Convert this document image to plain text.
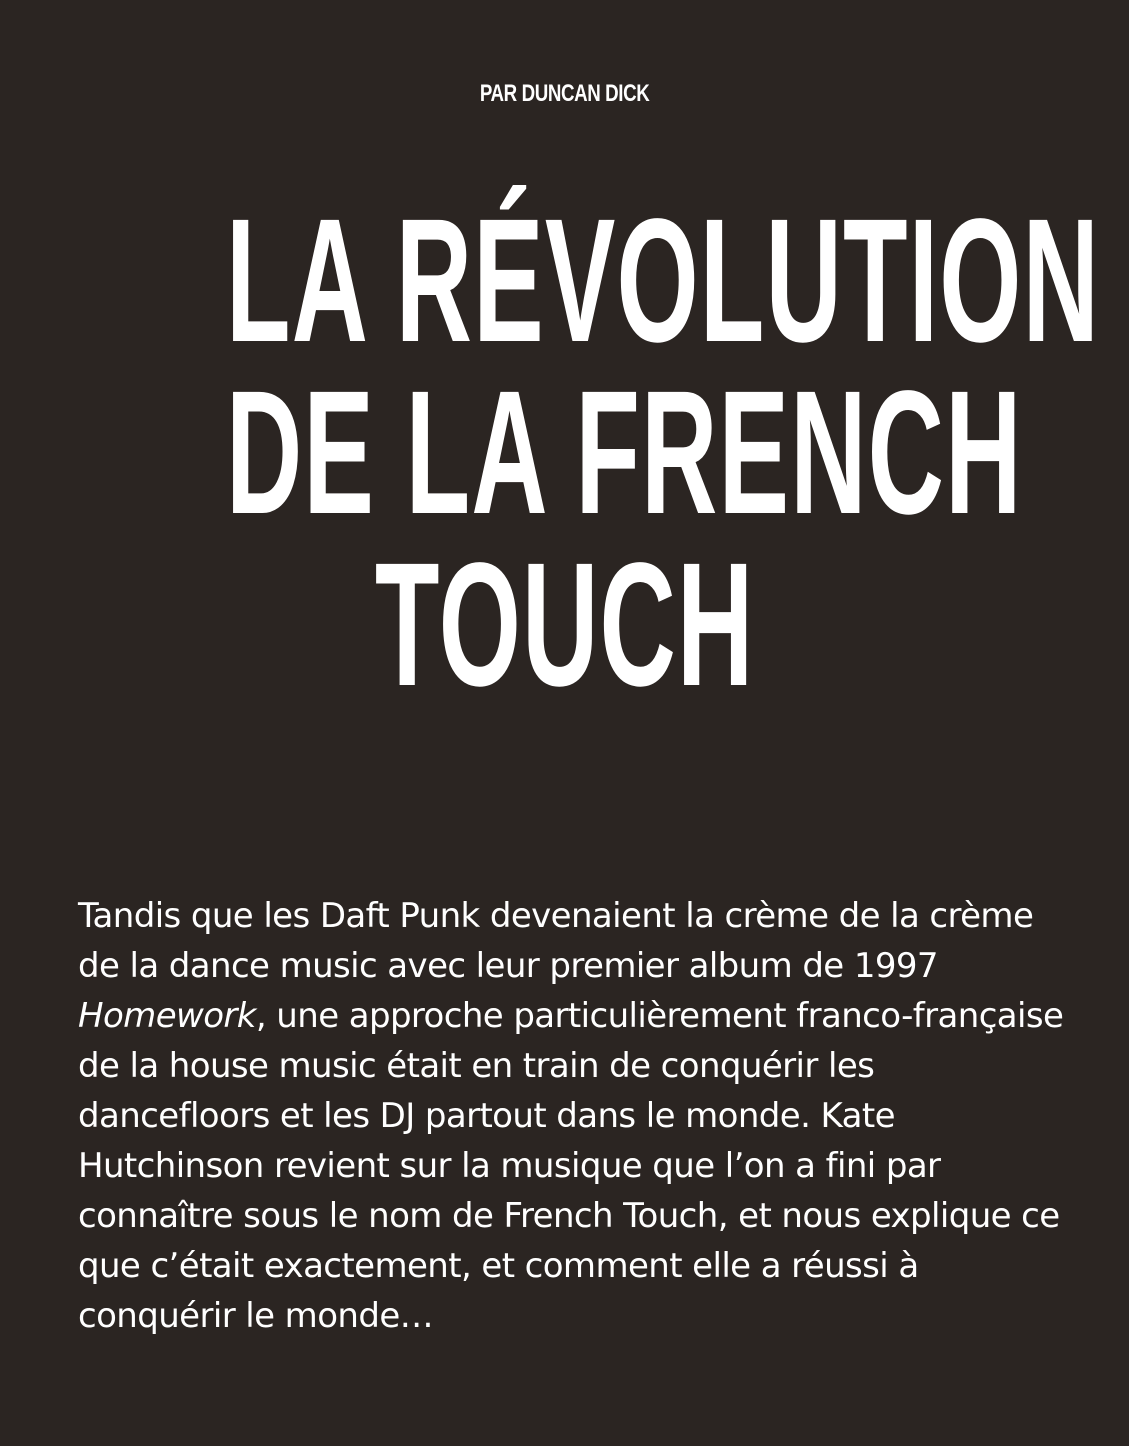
PAR DUNCAN DICK
LA RÉVOLUTION
DE LA FRENCH
TOUCH

Tandis que les Daft Punk devenaient la crème de la crème de la dance music avec leur premier album de 1997 Homework, une approche particulièrement franco-française de la house music était en train de conquérir les dancefloors et les DJ partout dans le monde. Kate Hutchinson revient sur la musique que l’on a fini par connaître sous le nom de French Touch, et nous explique ce que c’était exactement, et comment elle a réussi à conquérir le monde…
